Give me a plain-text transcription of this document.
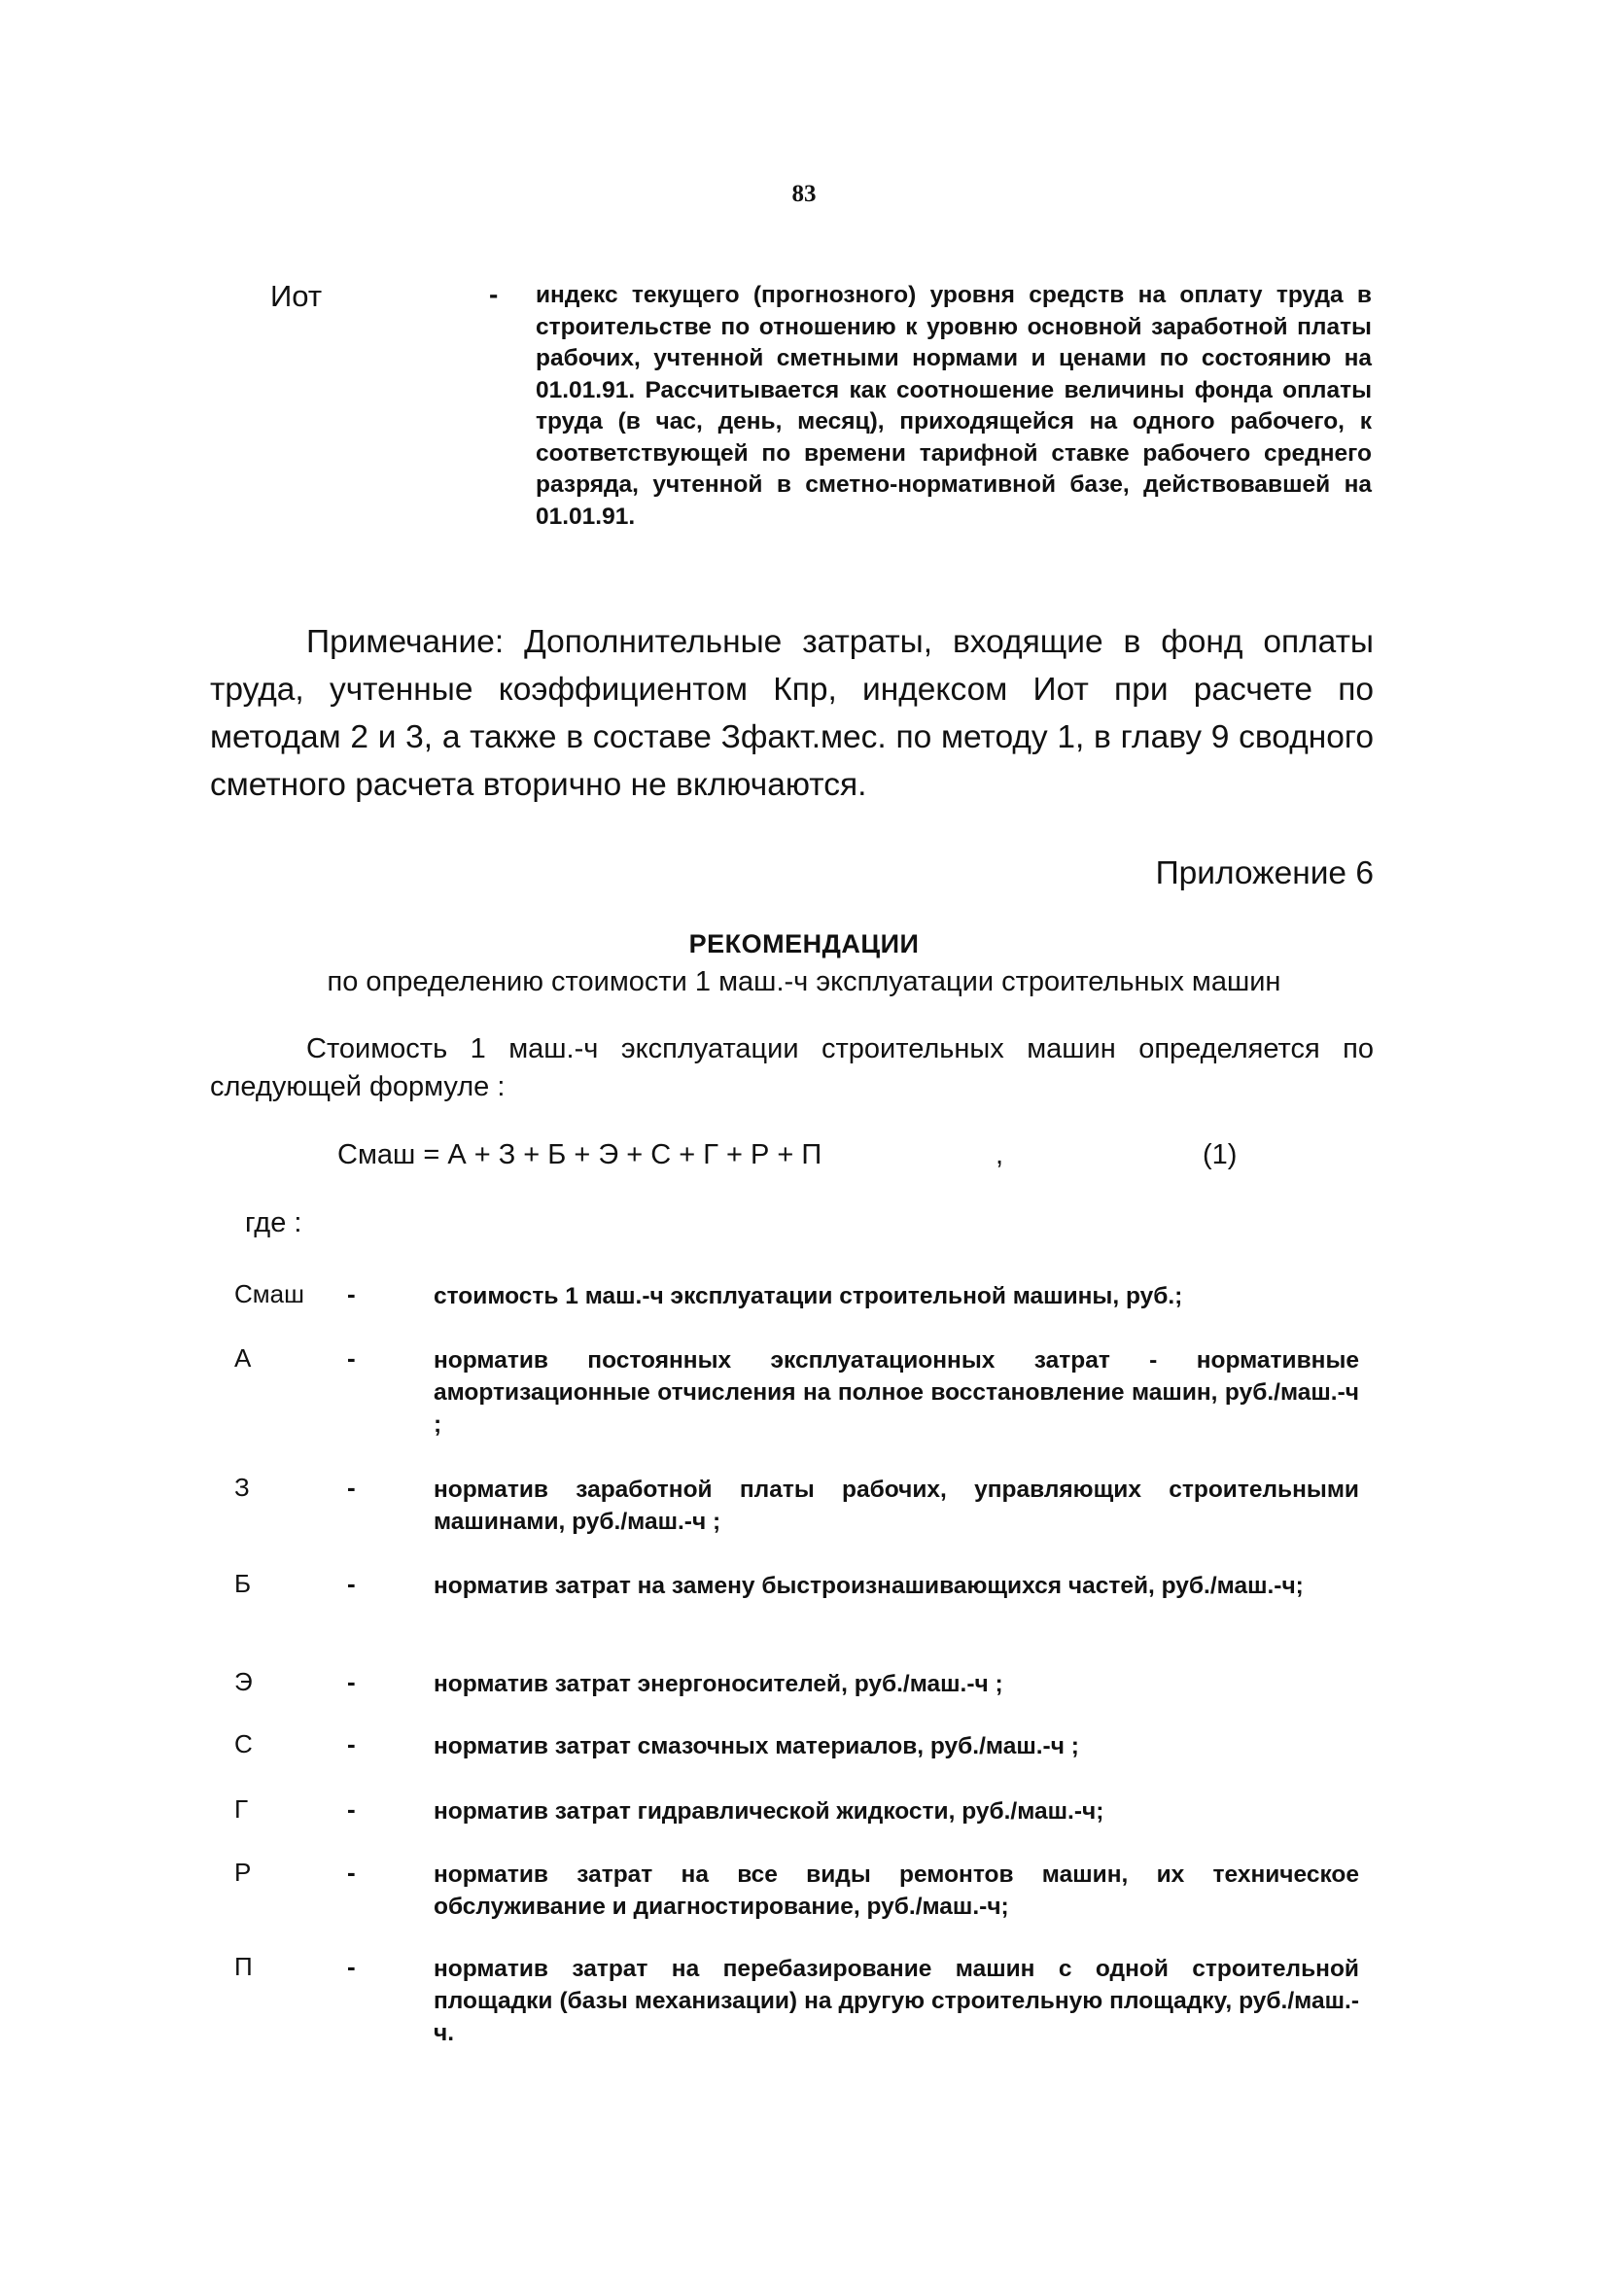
83
Иот	- индекс текущего (прогнозного) уровня средств на оплату труда в строительстве по отношению к уровню основной заработной платы рабочих, учтенной сметными нормами и ценами по состоянию на 01.01.91. Рассчитывается как соотношение величины фонда оплаты труда (в час, день, месяц), приходящейся на одного рабочего, к соответствующей по времени тарифной ставке рабочего среднего разряда, учтенной в сметно-нормативной базе, действовавшей на 01.01.91.
Примечание: Дополнительные затраты, входящие в фонд оплаты труда, учтенные коэффициентом Кпр, индексом Иот при расчете по методам 2 и 3, а также в составе Зфакт.мес. по методу 1, в главу 9 сводного сметного расчета вторично не включаются.
Приложение 6
РЕКОМЕНДАЦИИ
по определению стоимости 1 маш.-ч эксплуатации строительных машин
Стоимость 1 маш.-ч эксплуатации строительных машин определяется по следующей формуле :
Смаш = А + З + Б + Э + С + Г + Р + П	,	(1)
где :
Смаш -	стоимость 1 маш.-ч эксплуатации строительной машины, руб.;
А	-	норматив постоянных эксплуатационных затрат - нормативные амортизационные отчисления на полное восстановление машин, руб./маш.-ч ;
З	-	норматив заработной платы рабочих, управляющих строительными машинами, руб./маш.-ч ;
Б	-	норматив затрат на замену быстроизнашивающихся частей, руб./маш.-ч;
Э	-	норматив затрат энергоносителей, руб./маш.-ч ;
С	-	норматив затрат смазочных материалов, руб./маш.-ч ;
Г	-	норматив затрат гидравлической жидкости, руб./маш.-ч;
Р	-	норматив затрат на все виды ремонтов машин, их техническое обслуживание и диагностирование, руб./маш.-ч;
П	-	норматив затрат на перебазирование машин с одной строительной площадки (базы механизации) на другую строительную площадку, руб./маш.-ч.
